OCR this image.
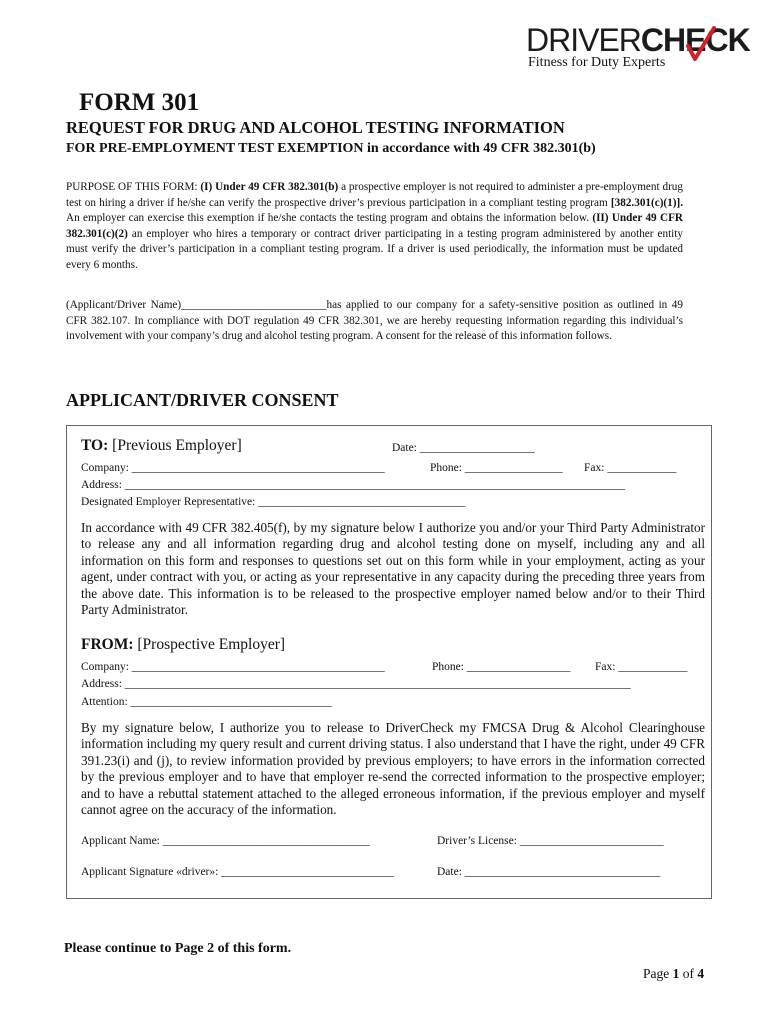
DRIVERCHECK
Fitness for Duty Experts
FORM 301
REQUEST FOR DRUG AND ALCOHOL TESTING INFORMATION
FOR PRE-EMPLOYMENT TEST EXEMPTION in accordance with 49 CFR 382.301(b)
PURPOSE OF THIS FORM: (I) Under 49 CFR 382.301(b) a prospective employer is not required to administer a pre-employment drug test on hiring a driver if he/she can verify the prospective driver’s previous participation in a compliant testing program [382.301(c)(1)]. An employer can exercise this exemption if he/she contacts the testing program and obtains the information below. (II) Under 49 CFR 382.301(c)(2) an employer who hires a temporary or contract driver participating in a testing program administered by another entity must verify the driver’s participation in a compliant testing program. If a driver is used periodically, the information must be updated every 6 months.
(Applicant/Driver Name)__________________________has applied to our company for a safety-sensitive position as outlined in 49 CFR 382.107. In compliance with DOT regulation 49 CFR 382.301, we are hereby requesting information regarding this individual’s involvement with your company’s drug and alcohol testing program. A consent for the release of this information follows.
APPLICANT/DRIVER CONSENT
TO: [Previous Employer]	Date: ____________________
Company: ____________________________________________	Phone: _________________ Fax: ____________
Address: _______________________________________________________________________________________
Designated Employer Representative: ____________________________________
In accordance with 49 CFR 382.405(f), by my signature below I authorize you and/or your Third Party Administrator to release any and all information regarding drug and alcohol testing done on myself, including any and all information on this form and responses to questions set out on this form while in your employment, acting as your agent, under contract with you, or acting as your representative in any capacity during the preceding three years from the above date. This information is to be released to the prospective employer named below and/or to their Third Party Administrator.
FROM: [Prospective Employer]
Company: ____________________________________________	Phone: __________________ Fax: ____________
Address: ________________________________________________________________________________________
Attention: ___________________________________
By my signature below, I authorize you to release to DriverCheck my FMCSA Drug & Alcohol Clearinghouse information including my query result and current driving status. I also understand that I have the right, under 49 CFR 391.23(i) and (j), to review information provided by previous employers; to have errors in the information corrected by the previous employer and to have that employer re-send the corrected information to the prospective employer; and to have a rebuttal statement attached to the alleged erroneous information, if the previous employer and myself cannot agree on the accuracy of the information.
Applicant Name: ____________________________________	Driver’s License: _________________________
Applicant Signature «driver»: ______________________________	Date: __________________________________
Please continue to Page 2 of this form.
Page 1 of 4
